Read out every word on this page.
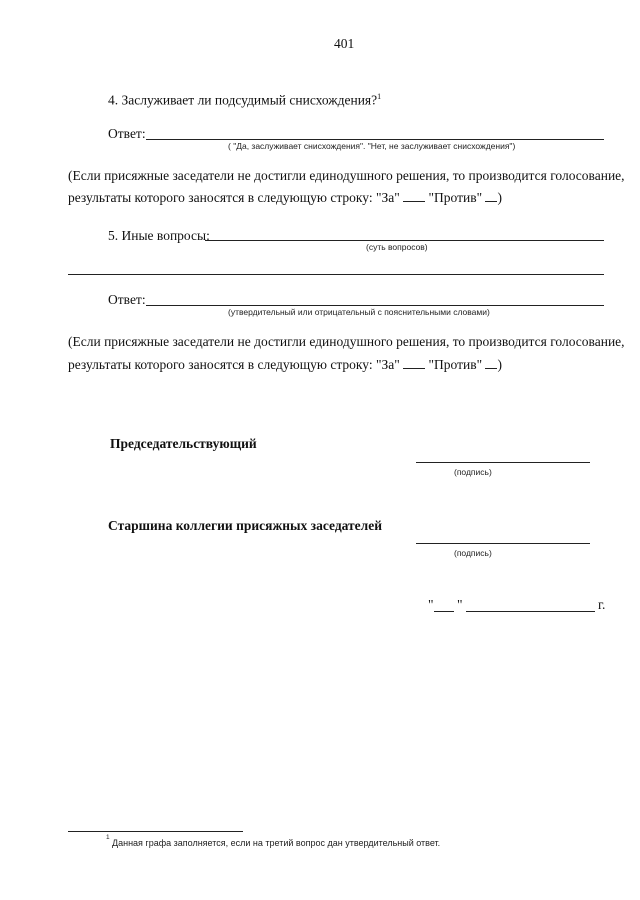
401
4. Заслуживает ли подсудимый снисхождения?$^1$
Ответ:
( "Да, заслуживает снисхождения". "Нет, не заслуживает снисхождения")
(Если присяжные заседатели не достигли единодушного решения, то производится голосование,
результаты которого заносятся в следующую строку: "За" "Против" )
5. Иные вопросы:
(суть вопросов)
Ответ:
(утвердительный или отрицательный с пояснительными словами)
(Если присяжные заседатели не достигли единодушного решения, то производится голосование,
результаты которого заносятся в следующую строку: "За" "Против" )
Председательствующий
(подпись)
Старшина коллегии присяжных заседателей
(подпись)
" "	г.
1
Данная графа заполняется, если на третий вопрос дан утвердительный ответ.
